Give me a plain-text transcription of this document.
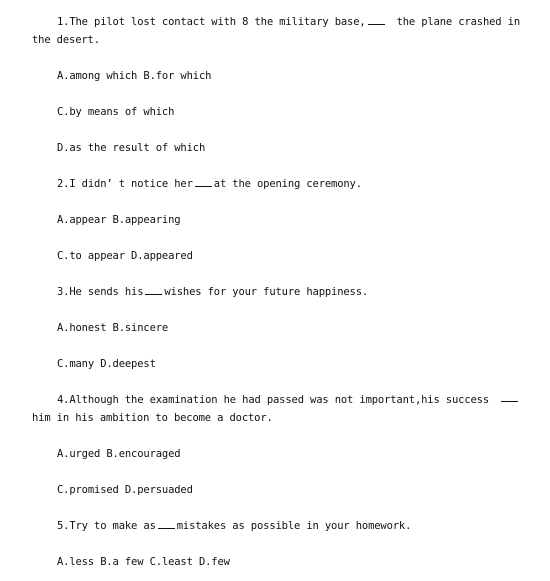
1.The pilot lost contact with 8 the military base,	the plane crashed in
the desert.
A.among which B.for which
C.by means of which
D.as the result of which
2.I didn’ t notice her at the opening ceremony.
A.appear B.appearing
C.to appear D.appeared
3.He sends his wishes for your future happiness.
A.honest B.sincere
C.many D.deepest
4.Although the examination he had passed was not important,his success
him in his ambition to become a doctor.
A.urged B.encouraged
C.promised D.persuaded
5.Try to make as mistakes as possible in your homework.
A.less B.a few C.least D.few
